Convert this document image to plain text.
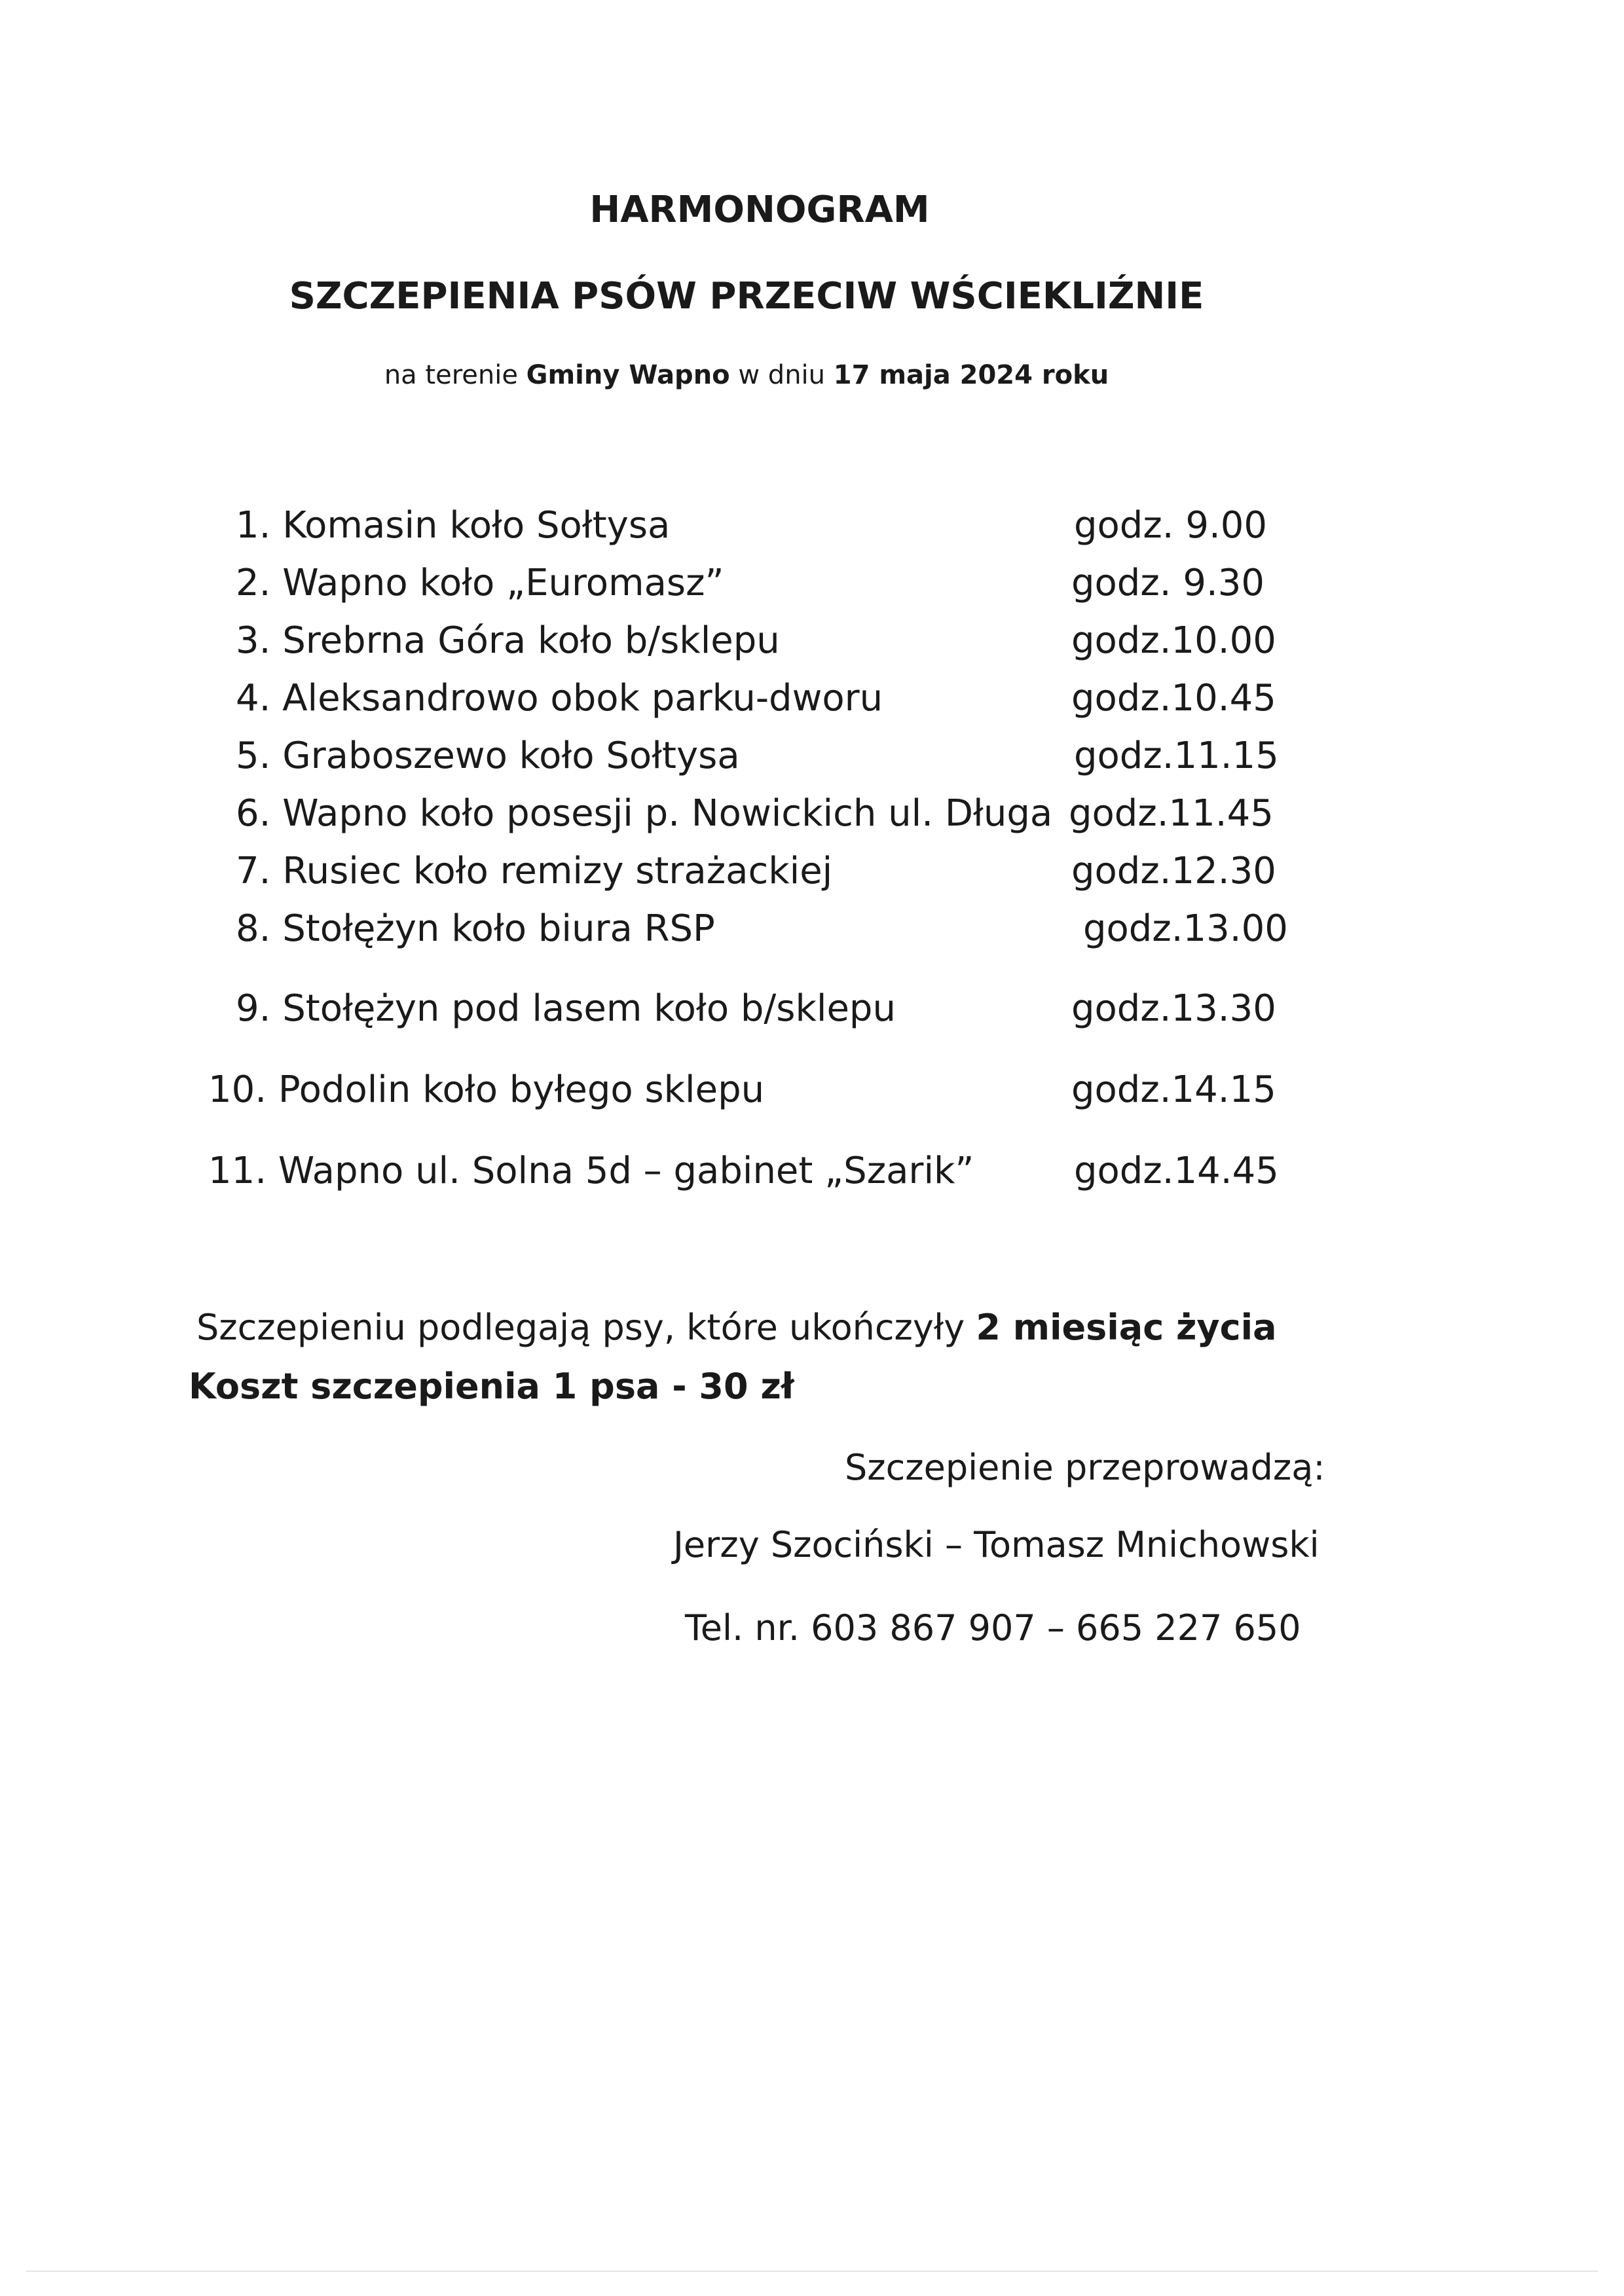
HARMONOGRAM
SZCZEPIENIA PSÓW PRZECIW WŚCIEKLIŹNIE
na terenie Gminy Wapno w dniu 17 maja 2024 roku
1. Komasin koło Sołtysa	godz. 9.00
2. Wapno koło „Euromasz”	godz. 9.30
3. Srebrna Góra koło b/sklepu	godz.10.00
4. Aleksandrowo obok parku-dworu	godz.10.45
5. Graboszewo koło Sołtysa	godz.11.15
6. Wapno koło posesji p. Nowickich ul. Długa godz.11.45
7. Rusiec koło remizy strażackiej	godz.12.30
8. Stołężyn koło biura RSP	godz.13.00
9. Stołężyn pod lasem koło b/sklepu	godz.13.30
10. Podolin koło byłego sklepu	godz.14.15
11. Wapno ul. Solna 5d – gabinet „Szarik”	godz.14.45
Szczepieniu podlegają psy, które ukończyły 2 miesiąc życia
Koszt szczepienia 1 psa - 30 zł
Szczepienie przeprowadzą:
Jerzy Szociński – Tomasz Mnichowski
Tel. nr. 603 867 907 – 665 227 650
